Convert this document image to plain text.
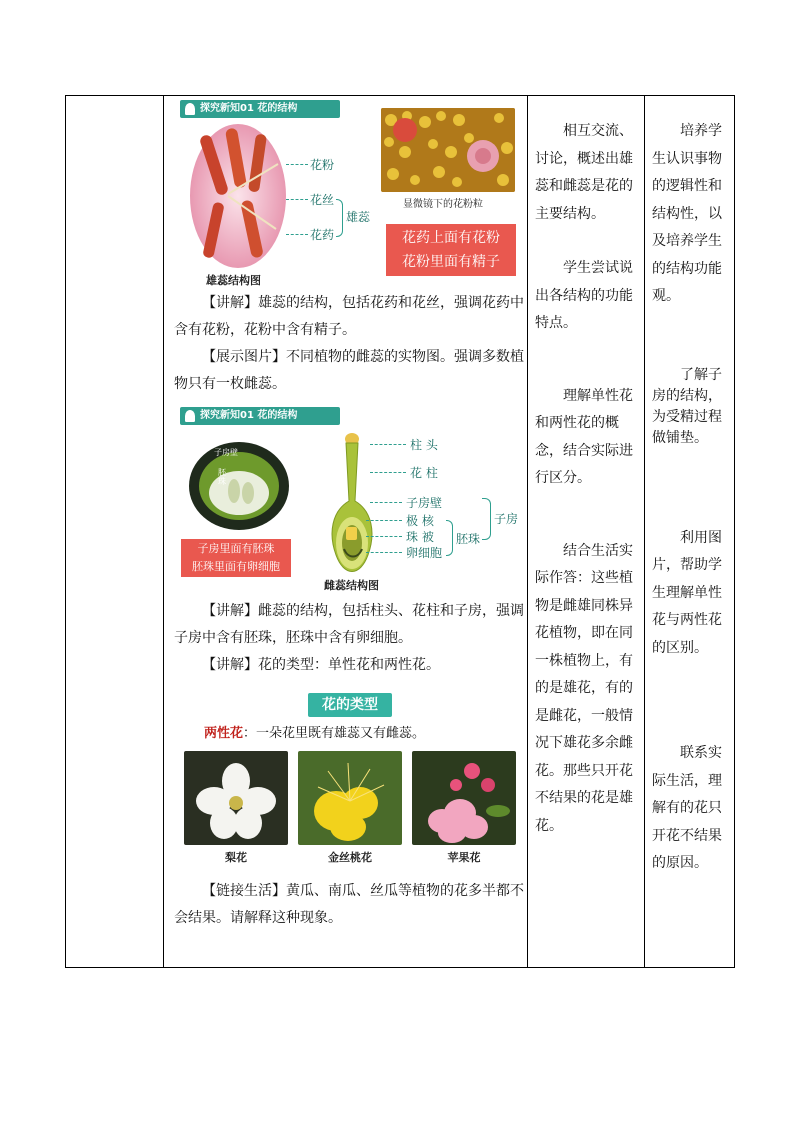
探究新知01 花的结构
花粉
花丝
花药
雄蕊
雄蕊结构图
显微镜下的花粉粒
花药上面有花粉
花粉里面有精子

【讲解】雄蕊的结构，包括花药和花丝，强调花药中含有花粉，花粉中含有精子。

【展示图片】不同植物的雌蕊的实物图。强调多数植物只有一枚雌蕊。

探究新知01 花的结构
子房壁
胚珠
子房里面有胚珠
胚珠里面有卵细胞
柱 头
花 柱
子房壁
极 核
珠 被
卵细胞
胚珠
子房
雌蕊结构图

【讲解】雌蕊的结构，包括柱头、花柱和子房，强调子房中含有胚珠，胚珠中含有卵细胞。

【讲解】花的类型：单性花和两性花。

花的类型
两性花：一朵花里既有雄蕊又有雌蕊。
梨花	金丝桃花	苹果花

【链接生活】黄瓜、南瓜、丝瓜等植物的花多半都不会结果。请解释这种现象。

相互交流、讨论，概述出雄蕊和雌蕊是花的主要结构。
学生尝试说出各结构的功能特点。
理解单性花和两性花的概念，结合实际进行区分。
结合生活实际作答：这些植物是雌雄同株异花植物，即在同一株植物上，有的是雄花，有的是雌花，一般情况下雄花多余雌花。那些只开花不结果的花是雄花。
培养学生认识事物的逻辑性和结构性，以及培养学生的结构功能观。
了解子房的结构，为受精过程做铺垫。
利用图片，帮助学生理解单性花与两性花的区别。
联系实际生活，理解有的花只开花不结果的原因。
